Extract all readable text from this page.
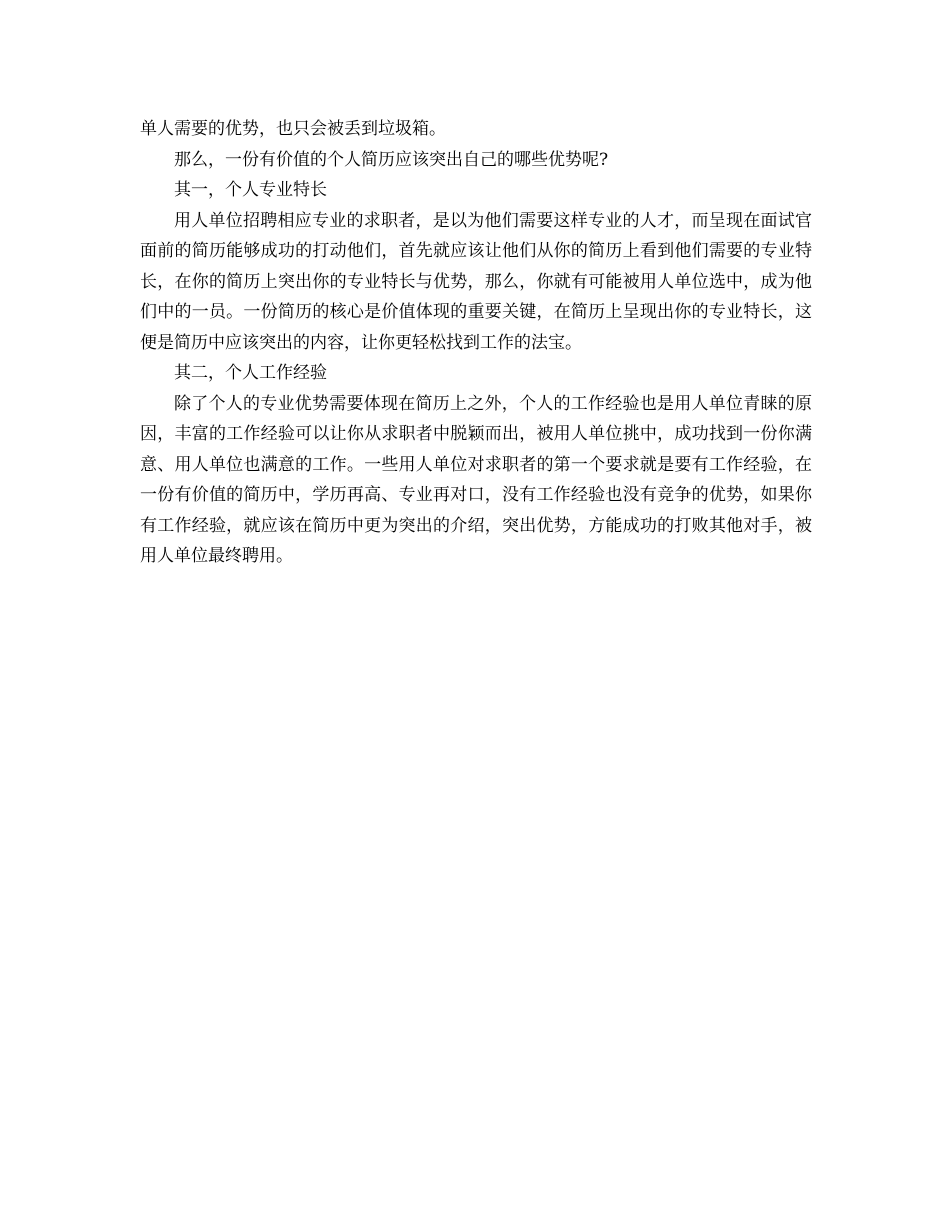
单人需要的优势，也只会被丢到垃圾箱。

那么，一份有价值的个人简历应该突出自己的哪些优势呢?

其一，个人专业特长

用人单位招聘相应专业的求职者，是以为他们需要这样专业的人才，而呈现在面试官面前的简历能够成功的打动他们，首先就应该让他们从你的简历上看到他们需要的专业特长，在你的简历上突出你的专业特长与优势，那么，你就有可能被用人单位选中，成为他们中的一员。一份简历的核心是价值体现的重要关键，在简历上呈现出你的专业特长，这便是简历中应该突出的内容，让你更轻松找到工作的法宝。

其二，个人工作经验

除了个人的专业优势需要体现在简历上之外，个人的工作经验也是用人单位青睐的原因，丰富的工作经验可以让你从求职者中脱颖而出，被用人单位挑中，成功找到一份你满意、用人单位也满意的工作。一些用人单位对求职者的第一个要求就是要有工作经验，在一份有价值的简历中，学历再高、专业再对口，没有工作经验也没有竞争的优势，如果你有工作经验，就应该在简历中更为突出的介绍，突出优势，方能成功的打败其他对手，被用人单位最终聘用。
